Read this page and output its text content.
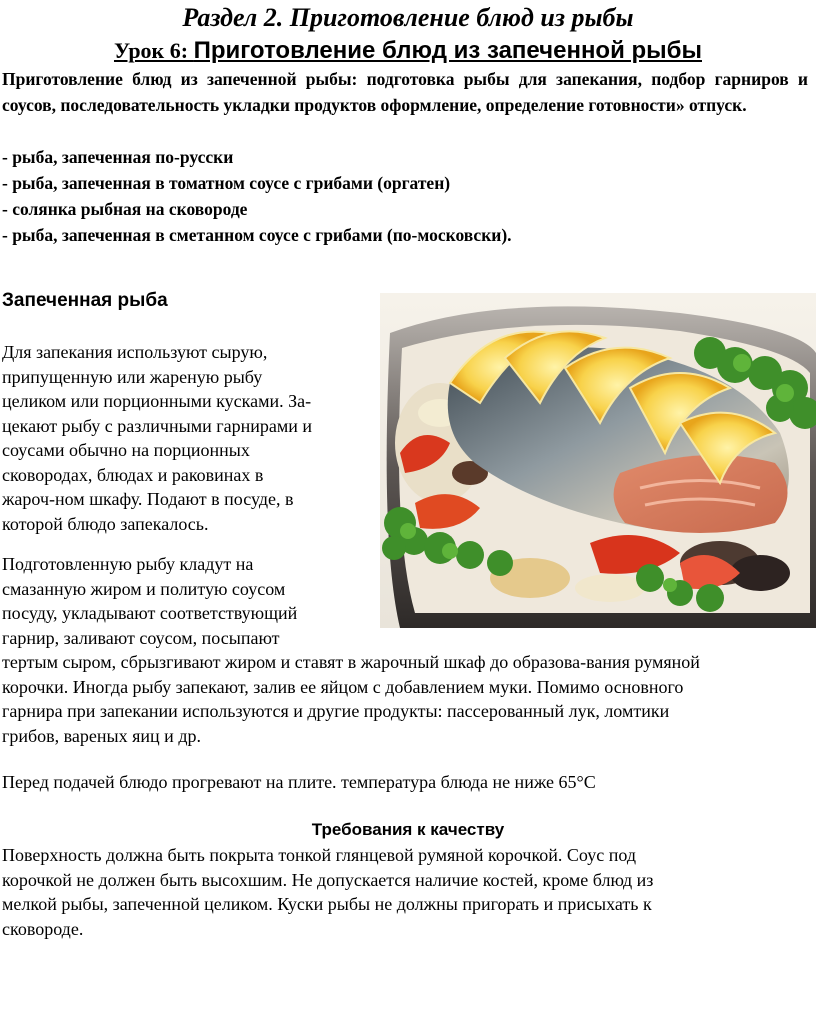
Раздел 2. Приготовление блюд из рыбы
Урок 6: Приготовление блюд из запеченной рыбы
Приготовление блюд из запеченной рыбы: подготовка рыбы для запекания, подбор гарниров и соусов, последовательность укладки продуктов оформление, определение готовности» отпуск.
- рыба, запеченная по-русски
- рыба, запеченная в томатном соусе с грибами (оргатен)
- солянка рыбная на сковороде
- рыба, запеченная в сметанном соусе с грибами (по-московски).
Запеченная рыба
Для запекания используют сырую,
припущенную или жареную рыбу
целиком или порционными кусками. За-
цекают рыбу с различными гарнирами и
соусами обычно на порционных
сковородах, блюдах и раковинах в
жароч-ном шкафу. Подают в посуде, в
которой блюдо запекалось.
Подготовленную рыбу кладут на
смазанную жиром и политую соусом
посуду, укладывают соответствующий
гарнир, заливают соусом, посыпают
тертым сыром, сбрызгивают жиром и ставят в жарочный шкаф до образова-вания румяной
корочки. Иногда рыбу запекают, залив ее яйцом с добавлением муки. Помимо основного
гарнира при запекании используются и другие продукты: пассерованный лук, ломтики
грибов, вареных яиц и др.
Перед подачей блюдо прогревают на плите. температура блюда не ниже 65°С
Требования к качеству
Поверхность должна быть покрыта тонкой глянцевой румяной корочкой. Соус под
корочкой не должен быть высохшим. Не допускается наличие костей, кроме блюд из
мелкой рыбы, запеченной целиком. Куски рыбы не должны пригорать и присыхать к
сковороде.
